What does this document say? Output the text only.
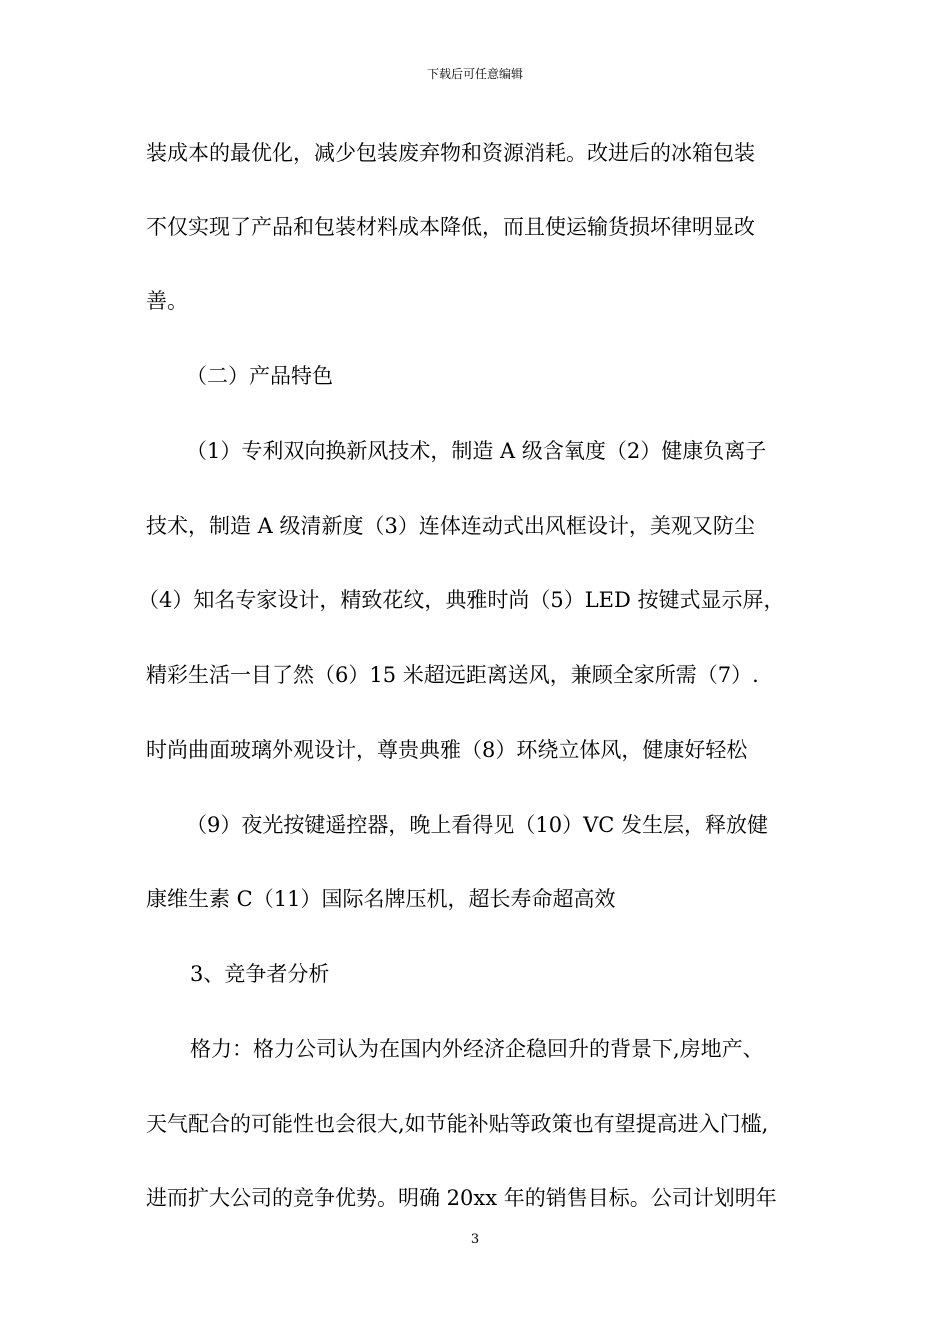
下载后可任意编辑
装成本的最优化，减少包装废弃物和资源消耗。改进后的冰箱包装
不仅实现了产品和包装材料成本降低，而且使运输货损坏律明显改
善。
（二）产品特色
（1）专利双向换新风技术，制造 A 级含氧度（2）健康负离子
技术，制造 A 级清新度（3）连体连动式出风框设计，美观又防尘
（4）知名专家设计，精致花纹，典雅时尚（5）LED 按键式显示屏，
精彩生活一目了然（6）15 米超远距离送风，兼顾全家所需（7）.
时尚曲面玻璃外观设计，尊贵典雅（8）环绕立体风，健康好轻松
（9）夜光按键遥控器，晚上看得见（10）VC 发生层，释放健
康维生素 C（11）国际名牌压机，超长寿命超高效
3、竞争者分析
格力：格力公司认为在国内外经济企稳回升的背景下,房地产、
天气配合的可能性也会很大,如节能补贴等政策也有望提高进入门槛,
进而扩大公司的竞争优势。明确 20xx 年的销售目标。公司计划明年
3
